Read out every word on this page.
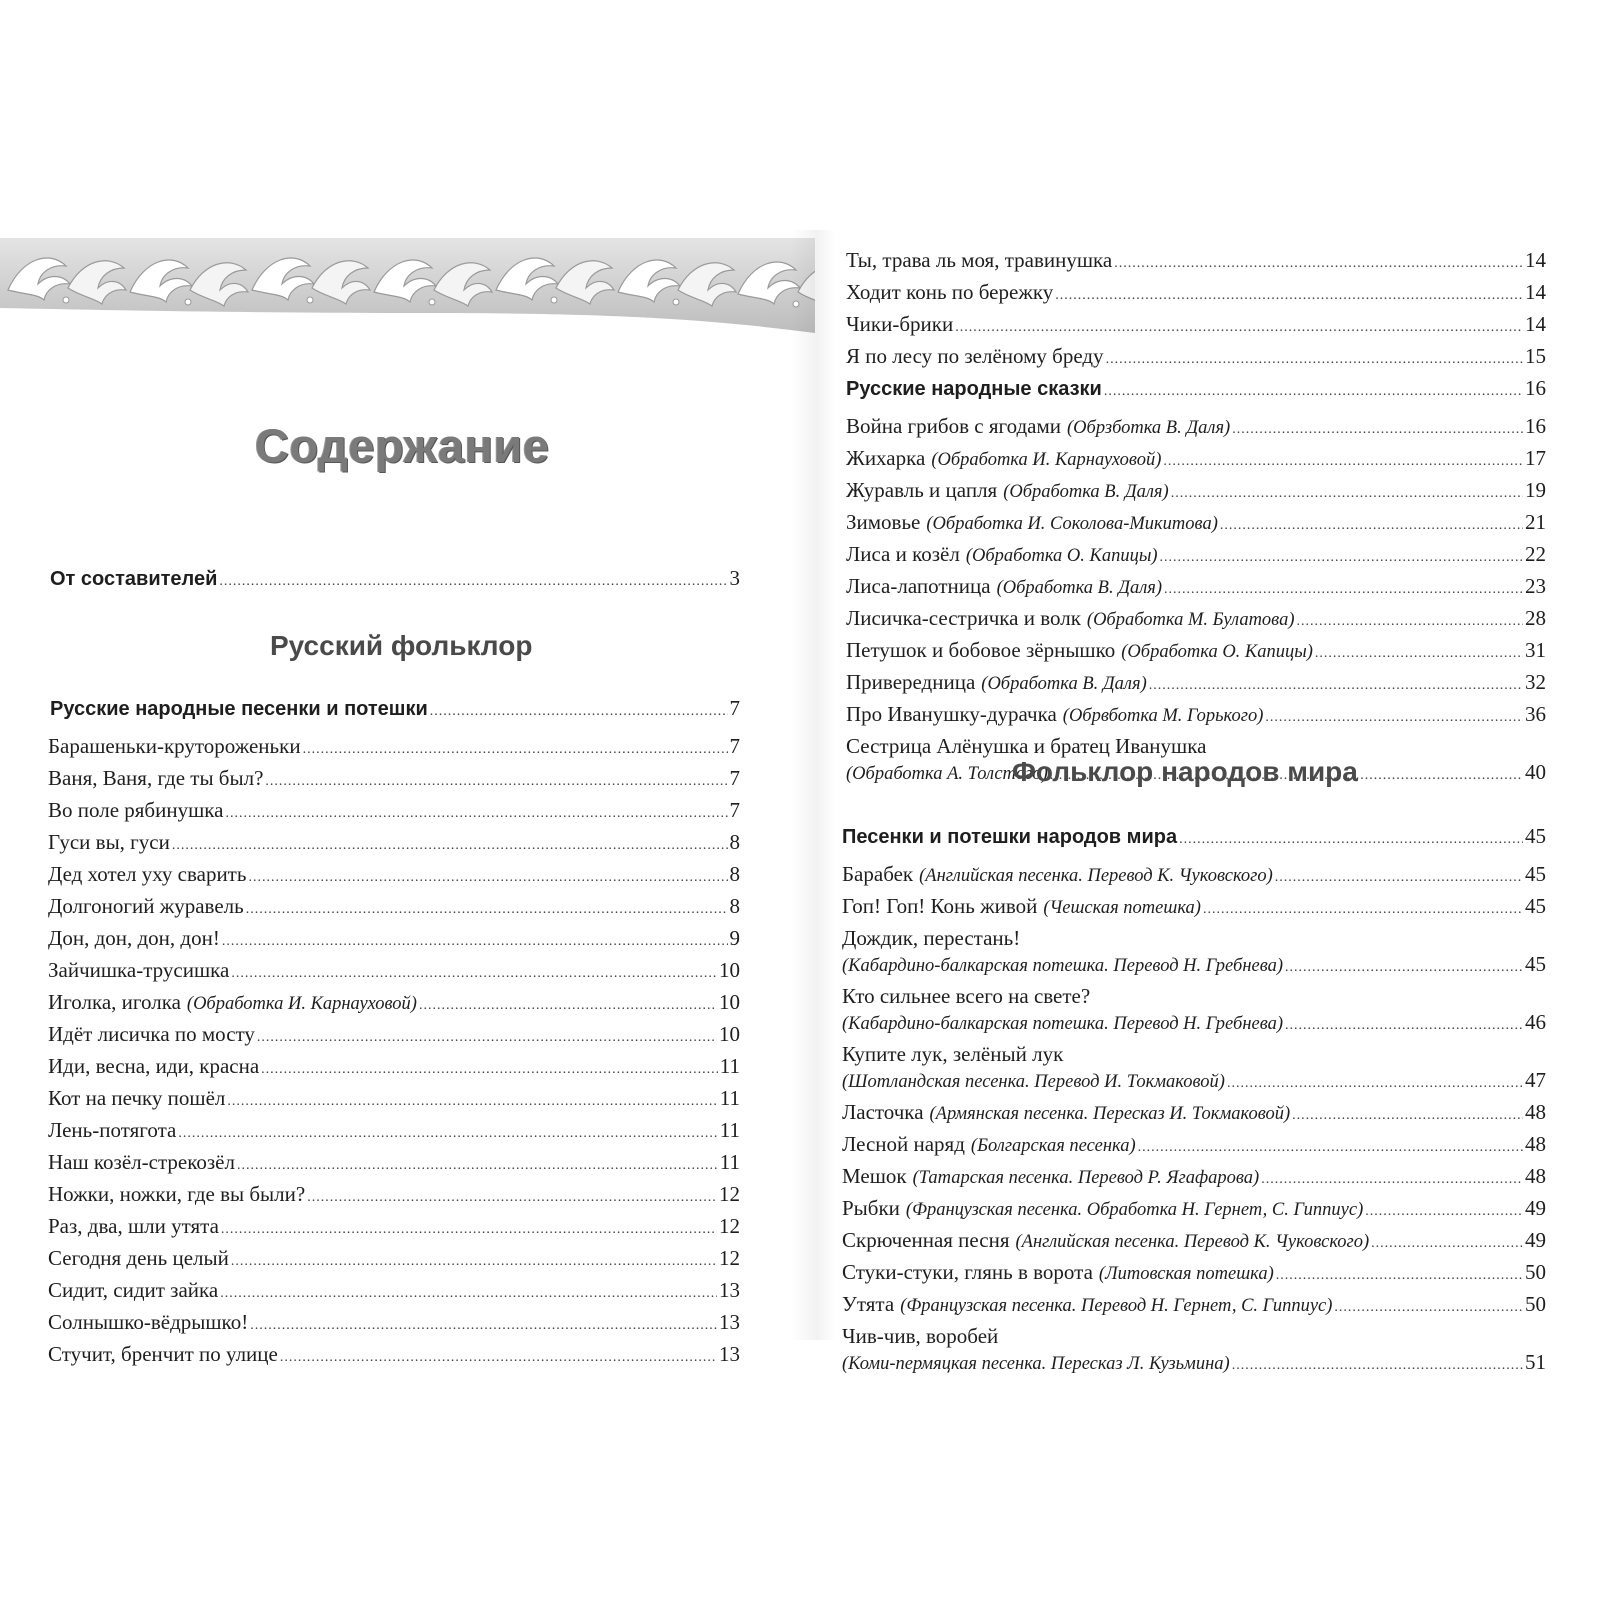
Содержание
От составителей .....	3
Русский фольклор
Русские народные песенки и потешки .....	7
Барашеньки-крутороженьки .....	7
Ваня, Ваня, где ты был? .....	7
Во поле рябинушка .....	7
Гуси вы, гуси .....	8
Дед хотел уху сварить .....	8
Долгоногий журавель .....	8
Дон, дон, дон, дон! .....	9
Зайчишка-трусишка .....	10
Иголка, иголка (Обработка И. Карнауховой) .....	10
Идёт лисичка по мосту .....	10
Иди, весна, иди, красна .....	11
Кот на печку пошёл .....	11
Лень-потягота .....	11
Наш козёл-стрекозёл .....	11
Ножки, ножки, где вы были? .....	12
Раз, два, шли утята .....	12
Сегодня день целый .....	12
Сидит, сидит зайка .....	13
Солнышко-вёдрышко! .....	13
Стучит, бренчит по улице .....	13
Ты, трава ль моя, травинушка .....	14
Ходит конь по бережку .....	14
Чики-брики .....	14
Я по лесу по зелёному бреду .....	15
Русские народные сказки .....	16
Война грибов с ягодами (Обрзботка В. Даля) .....	16
Жихарка (Обработка И. Карнауховой) .....	17
Журавль и цапля (Обработка В. Даля) .....	19
Зимовье (Обработка И. Соколова-Микитова) .....	21
Лиса и козёл (Обработка О. Капицы) .....	22
Лиса-лапотница (Обработка В. Даля) .....	23
Лисичка-сестричка и волк (Обработка М. Булатова) .....	28
Петушок и бобовое зёрнышко (Обработка О. Капицы) .....	31
Привередница (Обработка В. Даля) .....	32
Про Иванушку-дурачка (Обрвботка М. Горького) .....	36
Сестрица Алёнушка и братец Иванушка
(Обработка А. Толстого) .....	40
Фольклор народов мира
Песенки и потешки народов мира .....	45
Барабек (Английская песенка. Перевод К. Чуковского) .....	45
Гоп! Гоп! Конь живой (Чешская потешка) .....	45
Дождик, перестань!
(Кабардино-балкарская потешка. Перевод Н. Гребнева) .....	45
Кто сильнее всего на свете?
(Кабардино-балкарская потешка. Перевод Н. Гребнева) .....	46
Купите лук, зелёный лук
(Шотландская песенка. Перевод И. Токмаковой) .....	47
Ласточка (Армянская песенка. Пересказ И. Токмаковой) .....	48
Лесной наряд (Болгарская песенка) .....	48
Мешок (Татарская песенка. Перевод Р. Ягафарова) .....	48
Рыбки (Французская песенка. Обработка Н. Гернет, С. Гиппиус) .....	49
Скрюченная песня (Английская песенка. Перевод К. Чуковского) .....	49
Стуки-стуки, глянь в ворота (Литовская потешка) .....	50
Утята (Французская песенка. Перевод Н. Гернет, С. Гиппиус) .....	50
Чив-чив, воробей
(Коми-пермяцкая песенка. Пересказ Л. Кузьмина) .....	51
